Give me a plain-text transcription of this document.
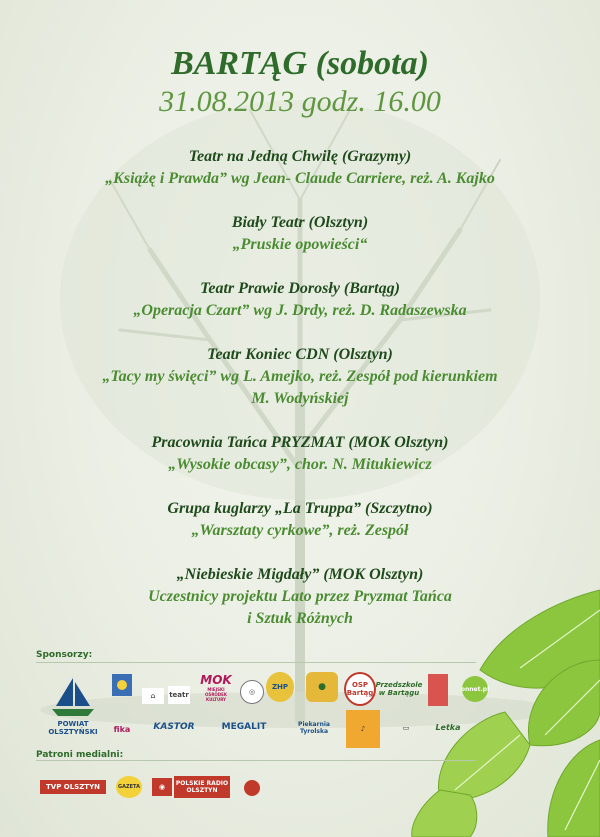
BARTĄG (sobota)
31.08.2013 godz. 16.00
Teatr na Jedną Chwilę (Grazymy)
„Książę i Prawda” wg Jean- Claude Carriere, reż. A. Kajko
Biały Teatr (Olsztyn)
„Pruskie opowieści“
Teatr Prawie Dorosły (Bartąg)
„Operacja Czart” wg J. Drdy, reż. D. Radaszewska
Teatr Koniec CDN (Olsztyn)
„Tacy my święci” wg L. Amejko, reż. Zespół pod kierunkiem
M. Wodyńskiej
Pracownia Tańca PRYZMAT (MOK Olsztyn)
„Wysokie obcasy”, chor. N. Mitukiewicz
Grupa kuglarzy „La Truppa” (Szczytno)
„Warsztaty cyrkowe”, reż. Zespół
„Niebieskie Migdały” (MOK Olsztyn)
Uczestnicy projektu Lato przez Pryzmat Tańca
i Sztuk Różnych
Sponsorzy:
POWIAT OLSZTYŃSKI
⌂	teatr
MOK
MIEJSKI OŚRODEK KULTURY
◎
ZHP	●	OSP Bartąg
Przedszkole w Bartągu	onnet.pl
fika	KASTOR	MEGALIT	Piekarnia Tyrolska	♪	▭	Letka
Patroni medialni:
TVP OLSZTYN	GAZETA	◉	POLSKIE RADIO
OLSZTYN
